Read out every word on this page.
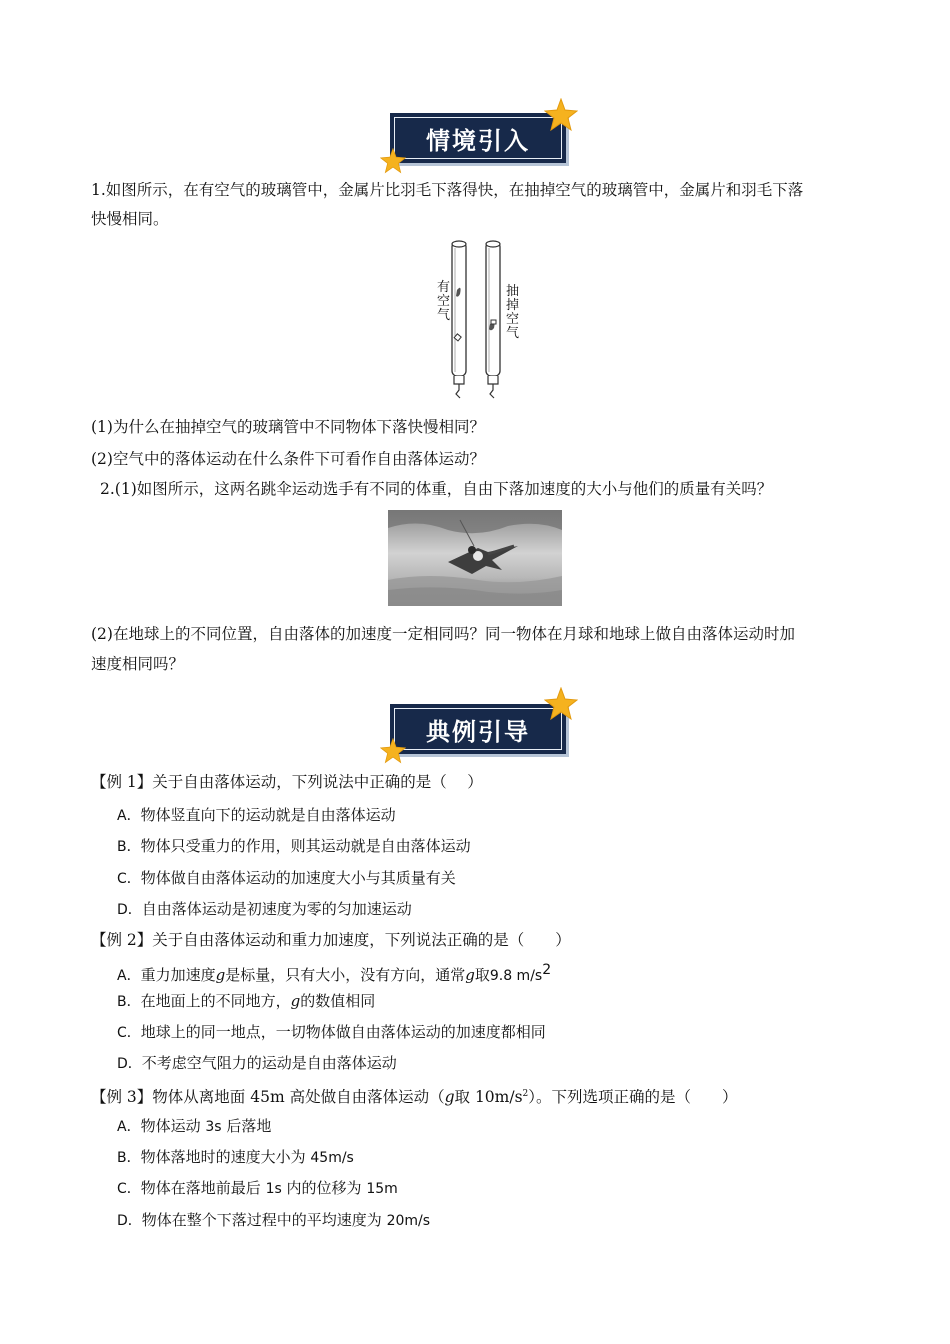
情境引入
1.如图所示，在有空气的玻璃管中，金属片比羽毛下落得快，在抽掉空气的玻璃管中，金属片和羽毛下落
快慢相同。
有空气
抽掉空气
(1)为什么在抽掉空气的玻璃管中不同物体下落快慢相同？
(2)空气中的落体运动在什么条件下可看作自由落体运动？
2.(1)如图所示，这两名跳伞运动选手有不同的体重，自由下落加速度的大小与他们的质量有关吗？
(2)在地球上的不同位置，自由落体的加速度一定相同吗？同一物体在月球和地球上做自由落体运动时加
速度相同吗？
典例引导
【例 1】关于自由落体运动，下列说法中正确的是（　 ）
A．物体竖直向下的运动就是自由落体运动
B．物体只受重力的作用，则其运动就是自由落体运动
C．物体做自由落体运动的加速度大小与其质量有关
D．自由落体运动是初速度为零的匀加速运动
【例 2】关于自由落体运动和重力加速度，下列说法正确的是（　　）
A．重力加速度g是标量，只有大小，没有方向，通常g取9.8 $m/s^2$
B．在地面上的不同地方，g的数值相同
C．地球上的同一地点，一切物体做自由落体运动的加速度都相同
D．不考虑空气阻力的运动是自由落体运动
【例 3】物体从离地面 45m 高处做自由落体运动（g取 $10m/s^2$）。下列选项正确的是（　　）
A．物体运动 3s 后落地
B．物体落地时的速度大小为 45m/s
C．物体在落地前最后 1s 内的位移为 15m
D．物体在整个下落过程中的平均速度为 20m/s
